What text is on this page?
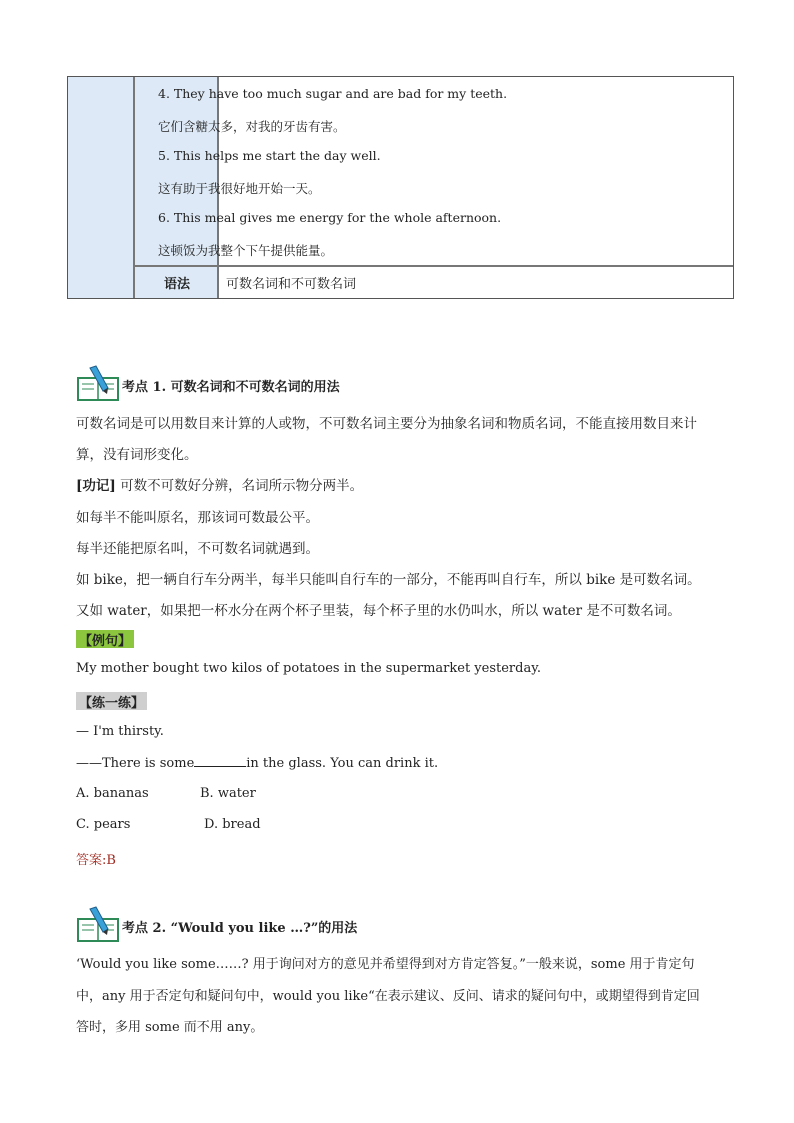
语法	可数名词和不可数名词
4. They have too much sugar and are bad for my teeth.
它们含糖太多，对我的牙齿有害。
5. This helps me start the day well.
这有助于我很好地开始一天。
6. This meal gives me energy for the whole afternoon.
这顿饭为我整个下午提供能量。
考点 1. 可数名词和不可数名词的用法
可数名词是可以用数目来计算的人或物，不可数名词主要分为抽象名词和物质名词，不能直接用数目来计
算，没有词形变化。
[功记] 可数不可数好分辨，名词所示物分两半。
如每半不能叫原名，那该词可数最公平。
每半还能把原名叫，不可数名词就遇到。
如 bike，把一辆自行车分两半，每半只能叫自行车的一部分，不能再叫自行车，所以 bike 是可数名词。
又如 water，如果把一杯水分在两个杯子里装，每个杯子里的水仍叫水，所以 water 是不可数名词。
【例句】
My mother bought two kilos of potatoes in the supermarket yesterday.
【练一练】
— I'm thirsty.
——There is some	in the glass. You can drink it.
A. bananas	B. water
C. pears	D. bread
答案:B
考点 2. “Would you like …?”的用法
‘Would you like some……? 用于询问对方的意见并希望得到对方肯定答复。”一般来说，some 用于肯定句
中，any 用于否定句和疑问句中，would you like“在表示建议、反问、请求的疑问句中，或期望得到肯定回
答时，多用 some 而不用 any。
